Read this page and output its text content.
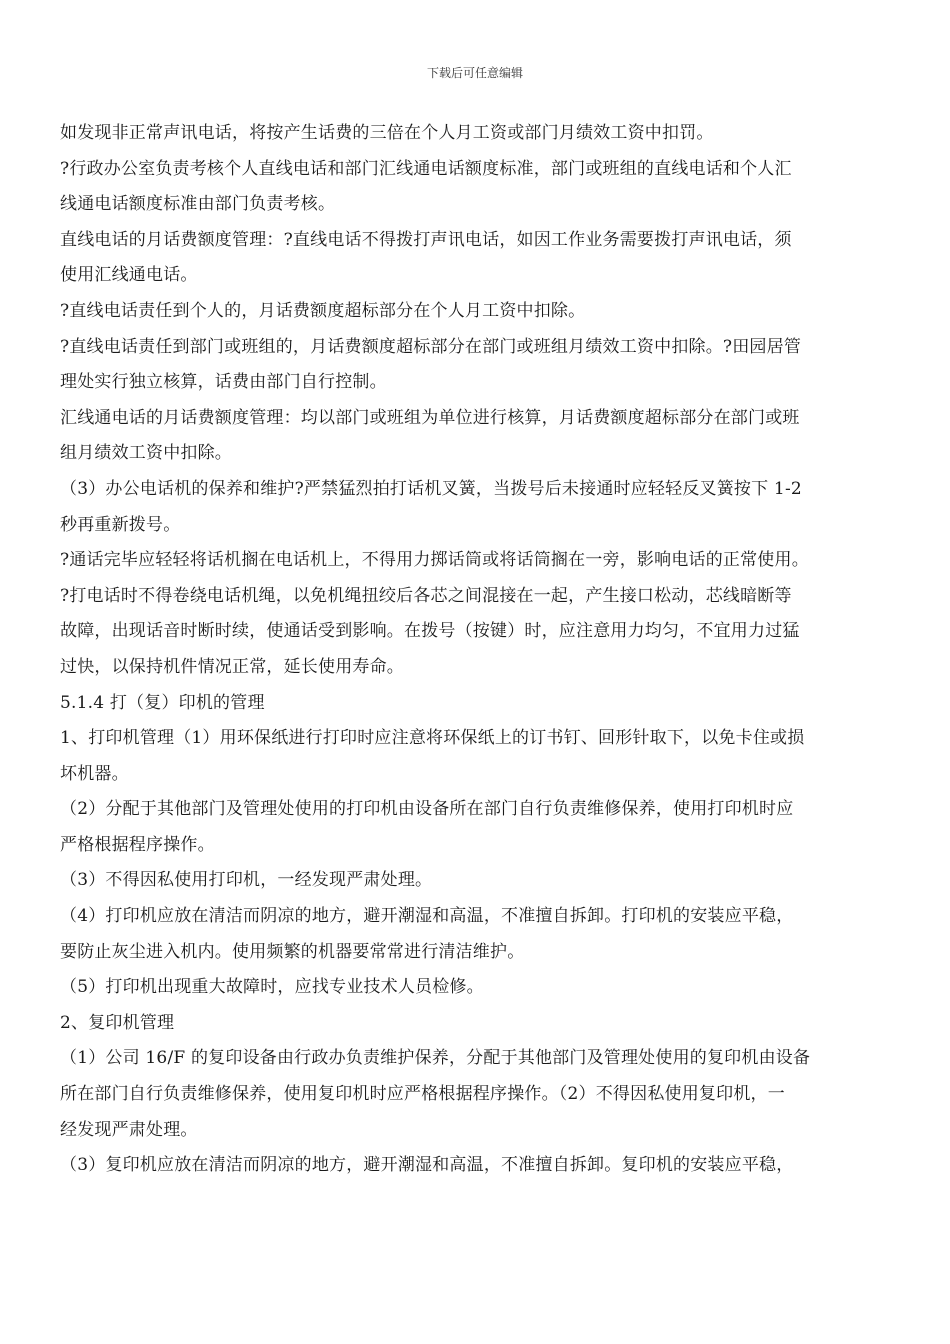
下载后可任意编辑
如发现非正常声讯电话，将按产生话费的三倍在个人月工资或部门月绩效工资中扣罚。
?行政办公室负责考核个人直线电话和部门汇线通电话额度标准，部门或班组的直线电话和个人汇
线通电话额度标准由部门负责考核。
直线电话的月话费额度管理：?直线电话不得拨打声讯电话，如因工作业务需要拨打声讯电话，须
使用汇线通电话。
?直线电话责任到个人的，月话费额度超标部分在个人月工资中扣除。
?直线电话责任到部门或班组的，月话费额度超标部分在部门或班组月绩效工资中扣除。?田园居管
理处实行独立核算，话费由部门自行控制。
汇线通电话的月话费额度管理：均以部门或班组为单位进行核算，月话费额度超标部分在部门或班
组月绩效工资中扣除。
（3）办公电话机的保养和维护?严禁猛烈拍打话机叉簧，当拨号后未接通时应轻轻反叉簧按下 1-2
秒再重新拨号。
?通话完毕应轻轻将话机搁在电话机上，不得用力掷话筒或将话筒搁在一旁，影响电话的正常使用。
?打电话时不得卷绕电话机绳，以免机绳扭绞后各芯之间混接在一起，产生接口松动，芯线暗断等
故障，出现话音时断时续，使通话受到影响。在拨号（按键）时，应注意用力均匀，不宜用力过猛
过快，以保持机件情况正常，延长使用寿命。
5.1.4 打（复）印机的管理
1、打印机管理（1）用环保纸进行打印时应注意将环保纸上的订书钉、回形针取下，以免卡住或损
坏机器。
（2）分配于其他部门及管理处使用的打印机由设备所在部门自行负责维修保养，使用打印机时应
严格根据程序操作。
（3）不得因私使用打印机，一经发现严肃处理。
（4）打印机应放在清洁而阴凉的地方，避开潮湿和高温，不准擅自拆卸。打印机的安装应平稳，
要防止灰尘进入机内。使用频繁的机器要常常进行清洁维护。
（5）打印机出现重大故障时，应找专业技术人员检修。
2、复印机管理
（1）公司 16/F 的复印设备由行政办负责维护保养，分配于其他部门及管理处使用的复印机由设备
所在部门自行负责维修保养，使用复印机时应严格根据程序操作。（2）不得因私使用复印机，一
经发现严肃处理。
（3）复印机应放在清洁而阴凉的地方，避开潮湿和高温，不准擅自拆卸。复印机的安装应平稳，
